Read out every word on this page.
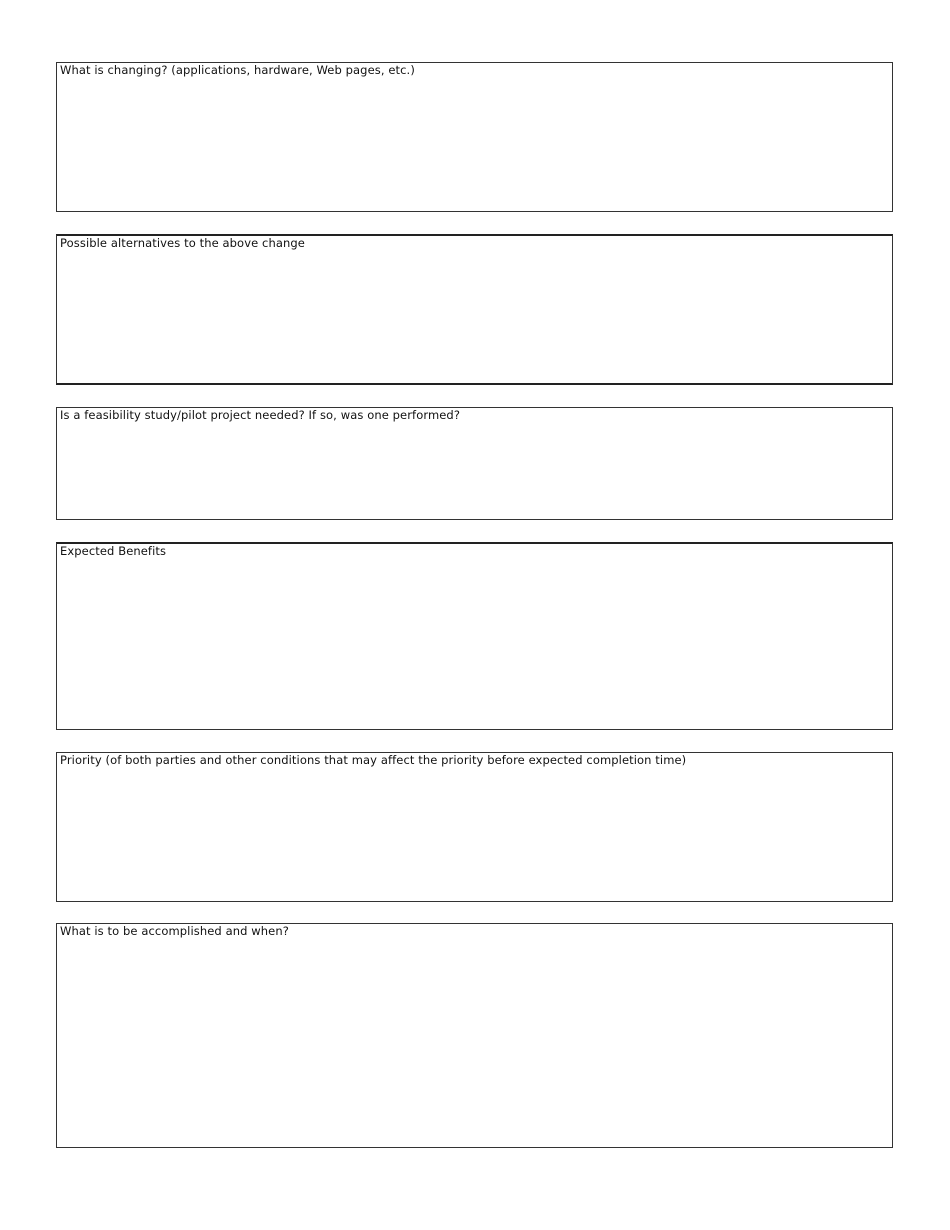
What is changing? (applications, hardware, Web pages, etc.)
Possible alternatives to the above change
Is a feasibility study/pilot project needed? If so, was one performed?
Expected Benefits
Priority (of both parties and other conditions that may affect the priority before expected completion time)
What is to be accomplished and when?
